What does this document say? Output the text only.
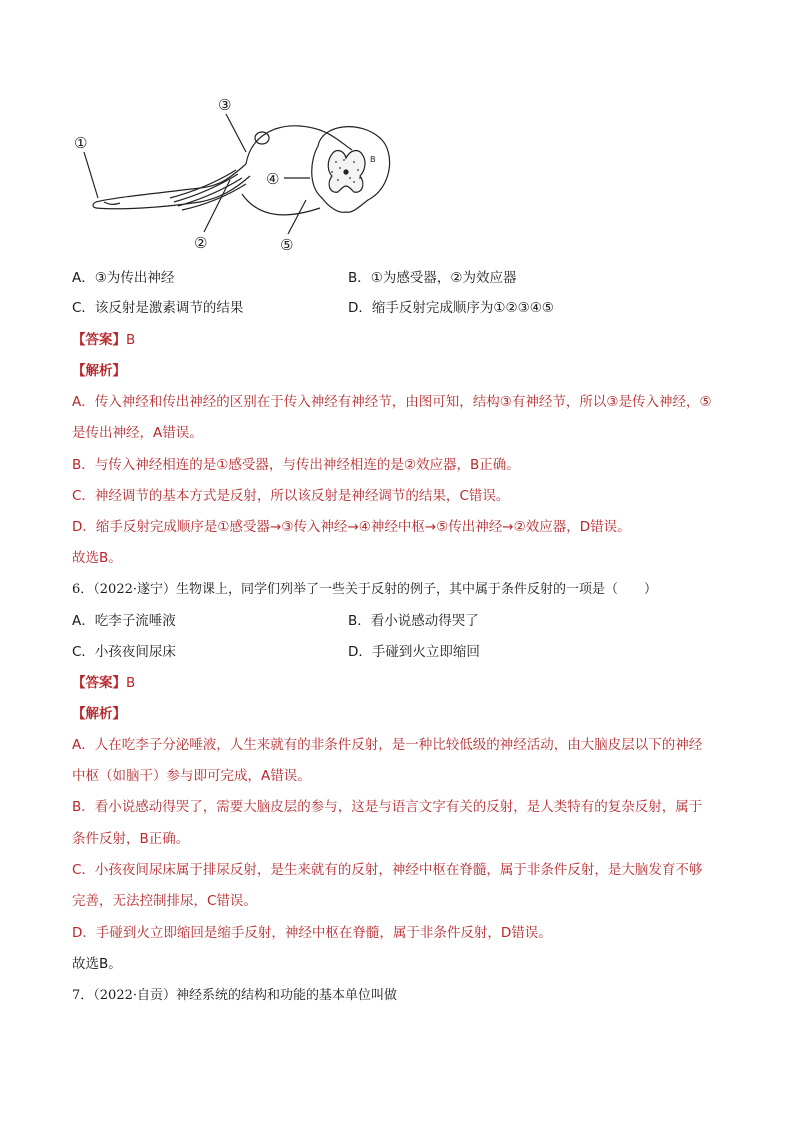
①
③
④
②	⑤
B
A．③为传出神经	B．①为感受器，②为效应器
C．该反射是激素调节的结果	D．缩手反射完成顺序为①②③④⑤
【答案】B
【解析】
A．传入神经和传出神经的区别在于传入神经有神经节，由图可知，结构③有神经节，所以③是传入神经，⑤
是传出神经，A错误。
B．与传入神经相连的是①感受器，与传出神经相连的是②效应器，B正确。
C．神经调节的基本方式是反射，所以该反射是神经调节的结果，C错误。
D．缩手反射完成顺序是①感受器→③传入神经→④神经中枢→⑤传出神经→②效应器，D错误。
故选B。
6．（2022·遂宁）生物课上，同学们列举了一些关于反射的例子，其中属于条件反射的一项是（　　）
A．吃李子流唾液	B．看小说感动得哭了
C．小孩夜间尿床	D．手碰到火立即缩回
【答案】B
【解析】
A．人在吃李子分泌唾液，人生来就有的非条件反射，是一种比较低级的神经活动，由大脑皮层以下的神经
中枢（如脑干）参与即可完成，A错误。
B．看小说感动得哭了，需要大脑皮层的参与，这是与语言文字有关的反射，是人类特有的复杂反射，属于
条件反射，B正确。
C．小孩夜间尿床属于排尿反射，是生来就有的反射，神经中枢在脊髓，属于非条件反射，是大脑发育不够
完善，无法控制排尿，C错误。
D．手碰到火立即缩回是缩手反射，神经中枢在脊髓，属于非条件反射，D错误。
故选B。
7．（2022·自贡）神经系统的结构和功能的基本单位叫做
